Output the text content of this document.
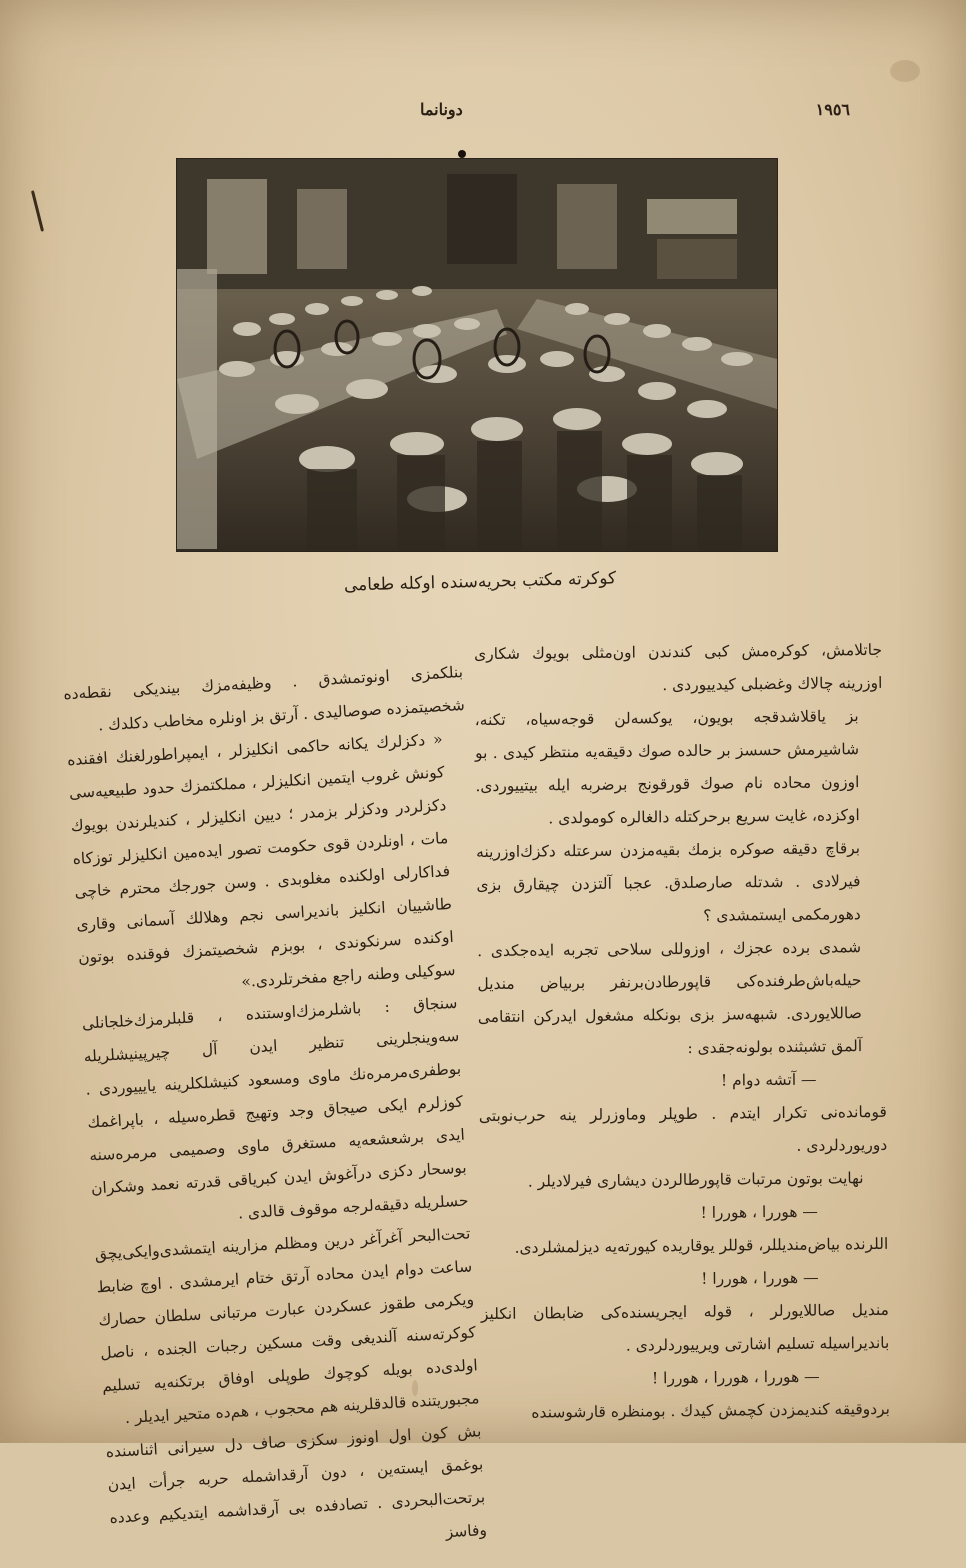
١٩٥٦
دونانما
كوكرته مكتب بحريه‌سنده اوكله طعامی

جاتلامش، كوكره‌مش كبی كندندن اون‌مثلی بویوك شكاری اوزرینه چالاك وغضبلی كیدیيوردی .

بز یاقلاشدقجه بویون، یوكسه‌لن قوجه‌سیاه، تكنه، شاشیرمش حسسز بر حالده صوك دقیقه‌یه منتظر كیدی . بو اوزون محاده نام صوك قورقونج برضربه ایله بیتیيوردی. اوكزده، غایت سریع برحركتله دالغالره كومولدی .

برقاچ دقیقه صوكره بزمك بقیه‌مزدن سرعتله دكزك‌اوزرینه فیرلادی . شدتله صارصلدق. عجبا آلتزدن چیقارق بزی دهورمكمی ایستمشدی ؟

شمدی برده عجزك ، اوزوللی سلاحی تجربه ایده‌جكدی . حیله‌باش‌طرفنده‌كی قاپورطادن‌برنفر بربیاض مندیل صاللایوردی. شبهه‌سز بزی بونكله مشغول ایدركن انتقامی آلمق تشبثنده بولونه‌جقدی :

— آتشه دوام !

قوماندەنی تكرار ایتدم . طوپلر وماوزرلر ینه حرب‌نوبتی دوریوردلردی .

نهایت بوتون مرتبات قاپورطالردن دیشاری فیرلادیلر .

— هوررا ، هوررا !

اللرنده بیاض‌مندیللر، قوللر یوقاریده كیورته‌یه دیزلمشلردی.

— هوررا ، هوررا !

مندیل صاللایورلر ، قوله ایجریسنده‌كی ضابطان انكلیز باندیراسیله تسلیم اشارتی ویریيوردلردی .

— هوررا ، هوررا ، هوررا !

بردوقیقه كندیمزدن كچمش كیدك . بومنظره قارشوسنده

بنلكمزی اونوتمشدق . وظیفه‌مزك بیندیكی نقطه‌ده شخصیتمزده صوصالیدی . آرتق بز اونلره مخاطب دكلدك .

« دكزلرك یكانه حاكمی انكلیزلر ، ایمپراطورلغنك افقنده كونش غروب ایتمین انكلیزلر ، مملكتمزك حدود طبیعیه‌سی دكزلردر ودكزلر بزمدر ؛ دیین انكلیزلر ، كندیلرندن بویوك مات ، اونلردن قوی حكومت تصور ایده‌مین انكلیزلر توزكاه فداكارلی اولكنده مغلوبدی . وسن جورجك محترم خاچی طاشییان انكلیز باندیراسی نجم وهلالك آسمانی وقاری اوكنده سرنكوندی ، بوبزم شخصیتمزك فوقنده بوتون سوكیلی وطنه راجع مفخرتلردی.»

سنجاق : باشلرمزك‌اوستنده ، قلبلرمزك‌خلجانلی سه‌وینجلرینی تنظیر ایدن آل چیرپینیشلریله بوطفری‌مرمرەنك ماوی ومسعود كنیشلكلرینه یاییيوردی . كوزلرم ایكی صیجاق وجد وتهیج قطره‌سیله ، باپراغمك ایدی برشعشعه‌یه مستغرق ماوی وصمیمی مرمره‌سنه بوسحار دكزی درآغوش ایدن كبریاقی قدرته نعمد وشكران حسلریله دقیقه‌لرجه موقوف قالدی .

تحت‌البحر آغر‌آغر درین ومظلم مزارینه ایتمشدی‌وایكی‌یچق ساعت دوام ایدن محاده آرتق ختام ایرمشدی . اوچ ضابط ویكرمی طقوز عسكردن عبارت مرتبانی سلطان حصارك كوكرته‌سنه آلندیغی وقت مسكین رجبات الجنده ، ناصل اولدی‌ده بویله كوچوك طوپلی اوفاق برتكنه‌یه تسلیم مجبوریتنده قالدقلرینه هم محجوب ، هم‌ده متحیر ایدیلر .

بش كون اول اونوز سكزی صاف دل سیرانی اثناسنده بوغمق ایسته‌ین ، دون آرقداشمله حربه جرأت ایدن برتحت‌البحردی . تصادفده بی آرقداشمه ایتدیكیم وعدده وفاسز
